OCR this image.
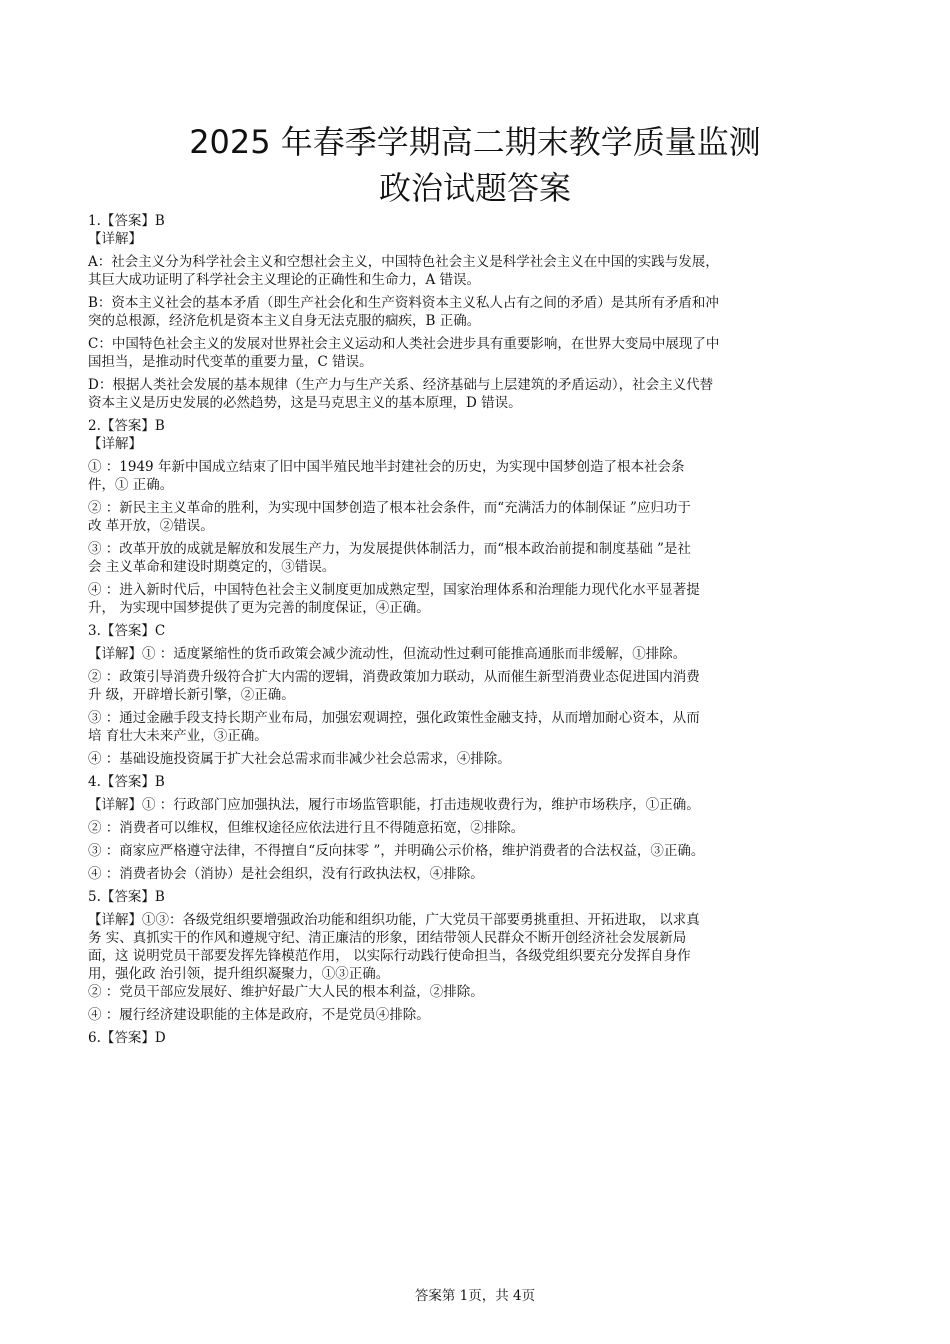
2025 年春季学期高二期末教学质量监测
政治试题答案
1.【答案】B
【详解】
A：社会主义分为科学社会主义和空想社会主义，中国特色社会主义是科学社会主义在中国的实践与发展，
其巨大成功证明了科学社会主义理论的正确性和生命力，A 错误。
B：资本主义社会的基本矛盾（即生产社会化和生产资料资本主义私人占有之间的矛盾）是其所有矛盾和冲
突的总根源，经济危机是资本主义自身无法克服的痼疾，B 正确。
C：中国特色社会主义的发展对世界社会主义运动和人类社会进步具有重要影响，在世界大变局中展现了中
国担当，是推动时代变革的重要力量，C 错误。
D：根据人类社会发展的基本规律（生产力与生产关系、经济基础与上层建筑的矛盾运动），社会主义代替
资本主义是历史发展的必然趋势，这是马克思主义的基本原理，D 错误。
2.【答案】B
【详解】
① ：1949 年新中国成立结束了旧中国半殖民地半封建社会的历史，为实现中国梦创造了根本社会条
件，① 正确。
② ：新民主主义革命的胜利，为实现中国梦创造了根本社会条件，而“充满活力的体制保证 ”应归功于
改 革开放，②错误。
③ ：改革开放的成就是解放和发展生产力，为发展提供体制活力，而“根本政治前提和制度基础 ”是社
会 主义革命和建设时期奠定的，③错误。
④ ：进入新时代后，中国特色社会主义制度更加成熟定型，国家治理体系和治理能力现代化水平显著提
升， 为实现中国梦提供了更为完善的制度保证，④正确。
3.【答案】C
【详解】① ：适度紧缩性的货币政策会减少流动性，但流动性过剩可能推高通胀而非缓解，①排除。
② ：政策引导消费升级符合扩大内需的逻辑，消费政策加力联动，从而催生新型消费业态促进国内消费
升 级，开辟增长新引擎，②正确。
③ ：通过金融手段支持长期产业布局，加强宏观调控，强化政策性金融支持，从而增加耐心资本，从而
培 育壮大未来产业，③正确。
④ ：基础设施投资属于扩大社会总需求而非减少社会总需求，④排除。
4.【答案】B
【详解】① ：行政部门应加强执法，履行市场监管职能，打击违规收费行为，维护市场秩序，①正确。
② ：消费者可以维权，但维权途径应依法进行且不得随意拓宽，②排除。
③ ：商家应严格遵守法律，不得擅自“反向抹零 ”，并明确公示价格，维护消费者的合法权益，③正确。
④ ：消费者协会（消协）是社会组织，没有行政执法权，④排除。
5.【答案】B
【详解】①③：各级党组织要增强政治功能和组织功能，广大党员干部要勇挑重担、开拓进取， 以求真
务 实、真抓实干的作风和遵规守纪、清正廉洁的形象，团结带领人民群众不断开创经济社会发展新局
面，这 说明党员干部要发挥先锋模范作用， 以实际行动践行使命担当，各级党组织要充分发挥自身作
用，强化政 治引领，提升组织凝聚力，①③正确。
② ：党员干部应发展好、维护好最广大人民的根本利益，②排除。
④ ：履行经济建设职能的主体是政府，不是党员④排除。
6.【答案】D
答案第 1页，共 4页
